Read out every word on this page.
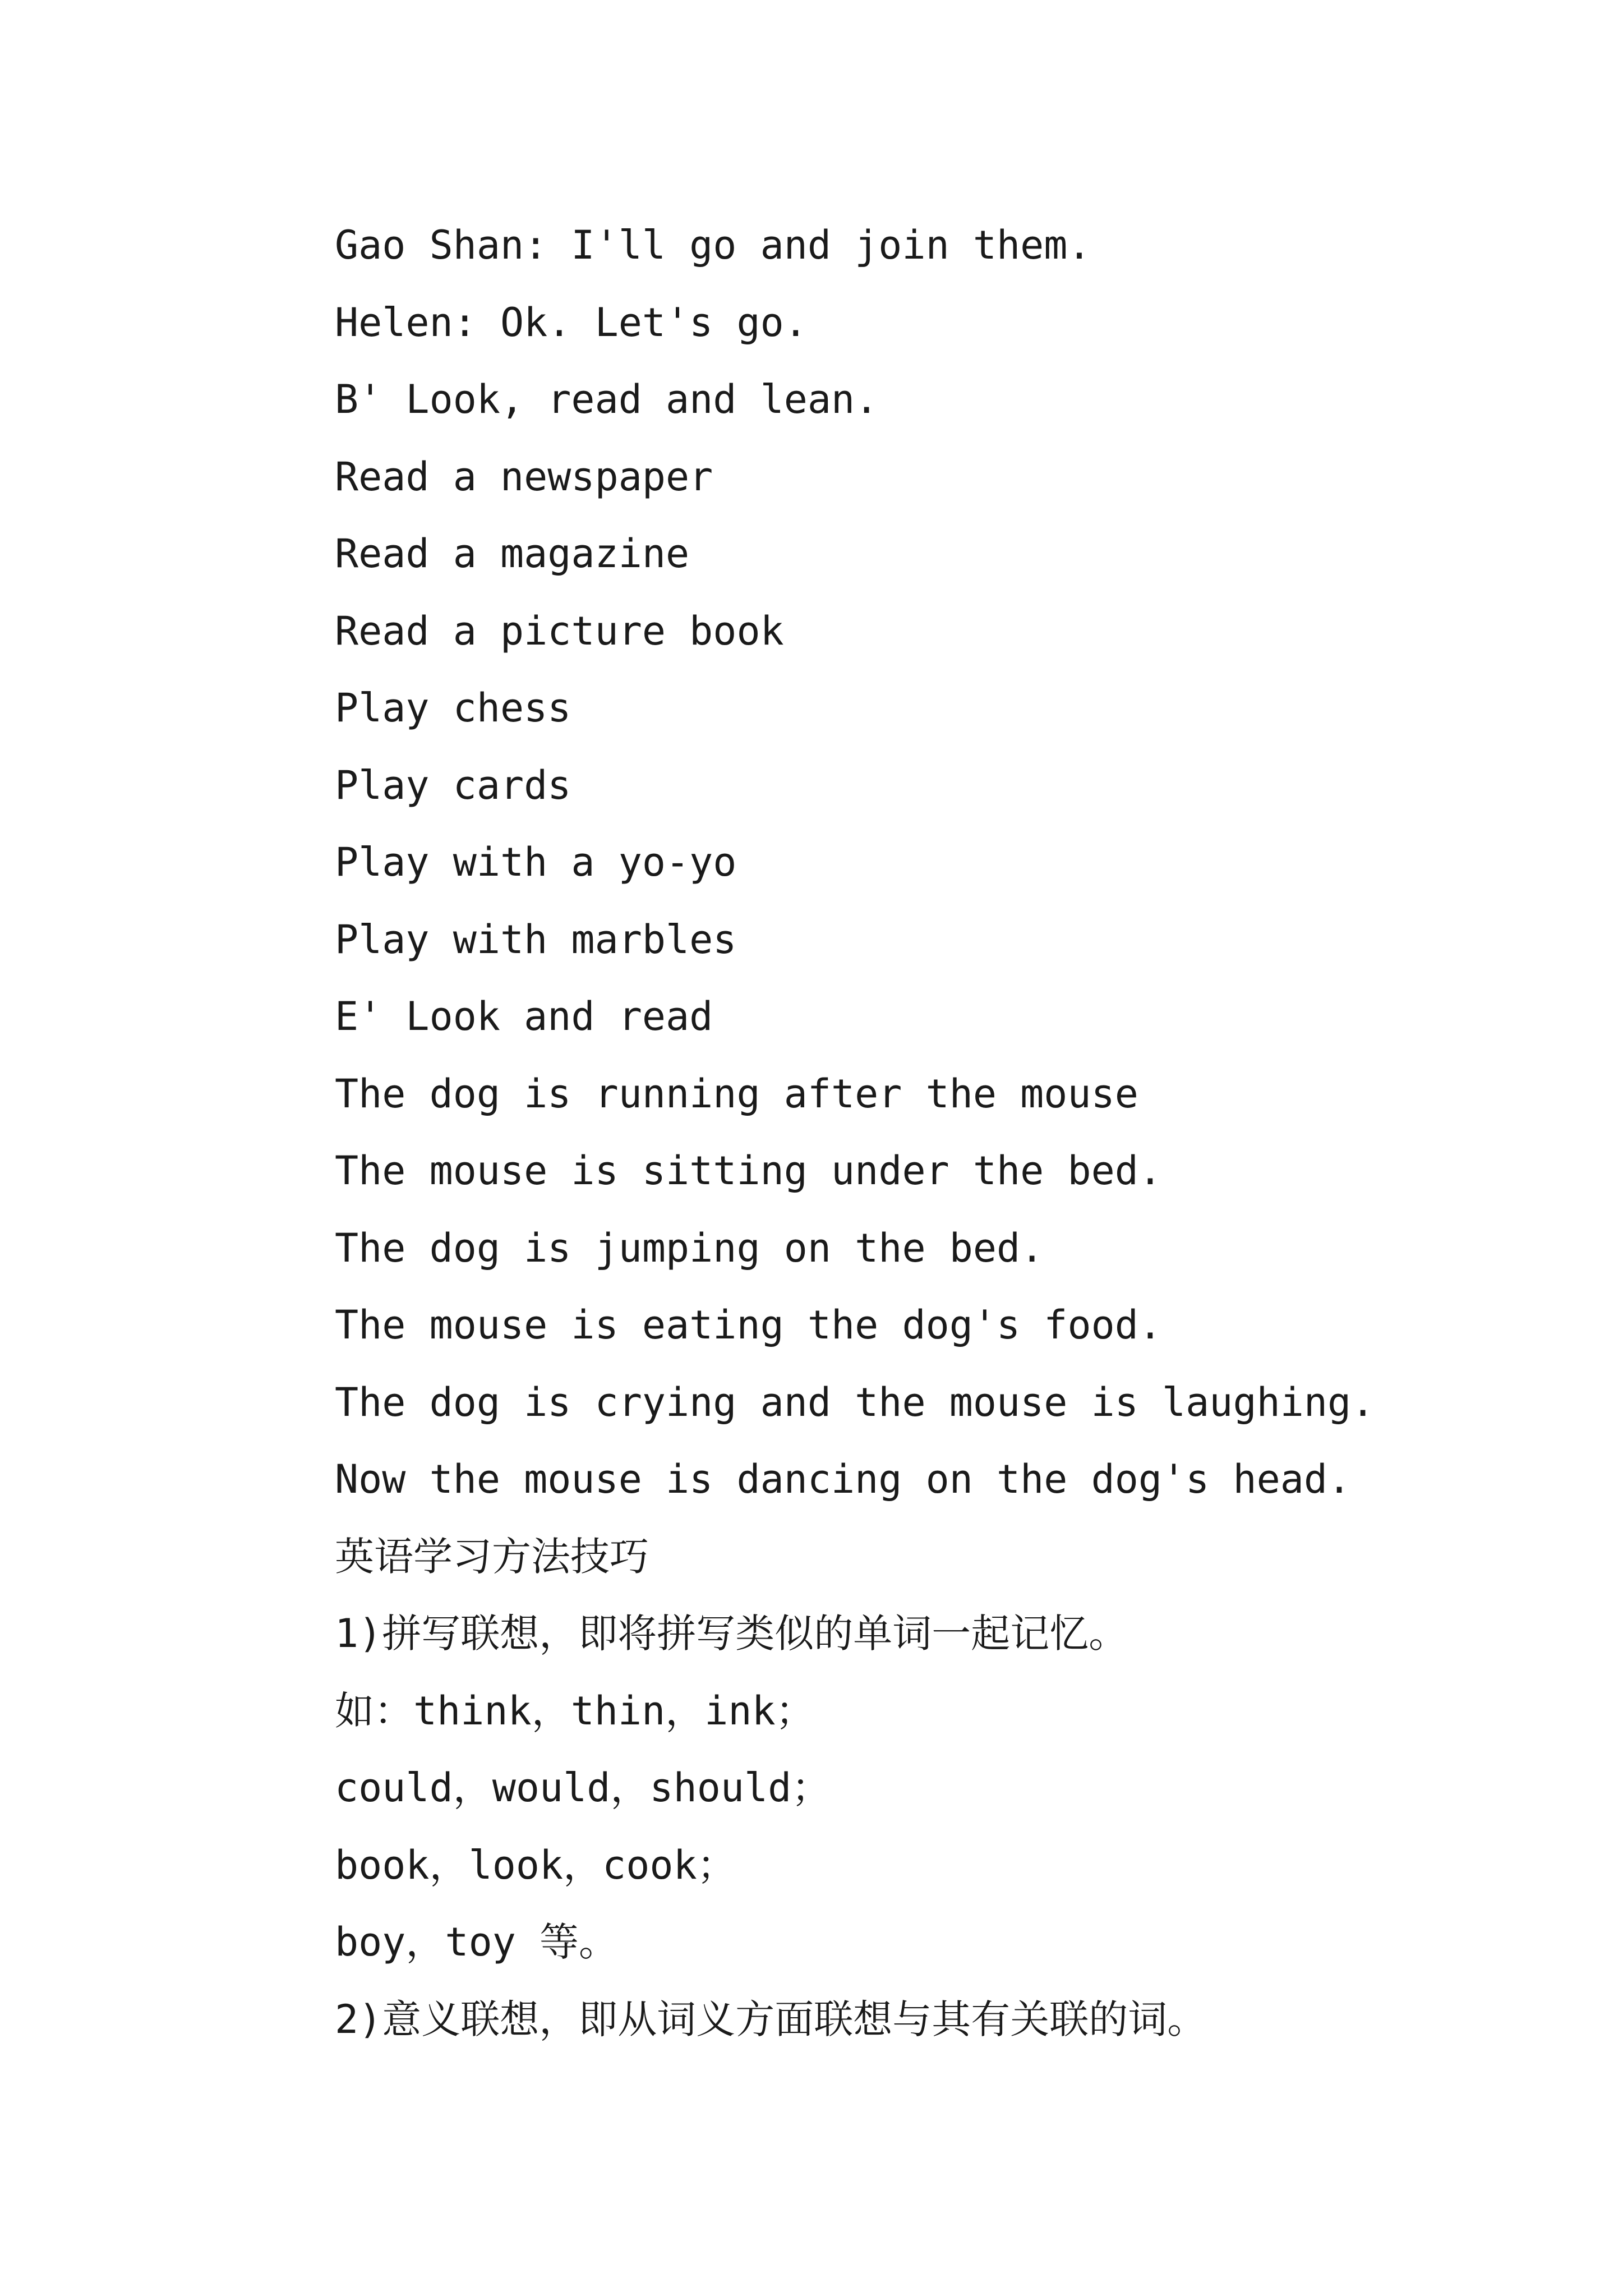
Gao Shan: I'll go and join them.
Helen: Ok. Let's go.
B' Look, read and lean.
Read a newspaper
Read a magazine
Read a picture book
Play chess
Play cards
Play with a yo-yo
Play with marbles
E' Look and read
The dog is running after the mouse
The mouse is sitting under the bed.
The dog is jumping on the bed.
The mouse is eating the dog's food.
The dog is crying and the mouse is laughing.
Now the mouse is dancing on the dog's head.
英语学习方法技巧
1)拼写联想，即将拼写类似的单词一起记忆。
如：think，thin，ink；
could，would，should；
book，look，cook；
boy，toy 等。
2)意义联想，即从词义方面联想与其有关联的词。
